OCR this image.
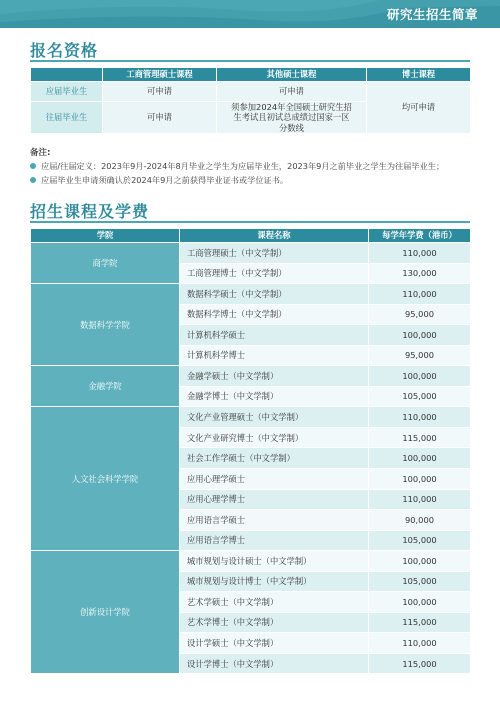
研究生招生简章
报名资格
	工商管理硕士课程	其他硕士课程	博士课程
应届毕业生	可申请	可申请	均可申请
往届毕业生	可申请	须参加2024年全国硕士研究生招生考试且初试总成绩过国家一区分数线	
备注:
应届/往届定义：2023年9月-2024年8月毕业之学生为应届毕业生，2023年9月之前毕业之学生为往届毕业生；
应届毕业生申请须确认於2024年9月之前获得毕业证书或学位证书。
招生课程及学费
学院	课程名称	每学年学费（港币）
商学院	工商管理硕士（中文学制）	110,000
	工商管理博士（中文学制）	130,000
数据科学学院	数据科学硕士（中文学制）	110,000
	数据科学博士（中文学制）	95,000
	计算机科学硕士	100,000
	计算机科学博士	95,000
金融学院	金融学硕士（中文学制）	100,000
	金融学博士（中文学制）	105,000
人文社会科学学院	文化产业管理硕士（中文学制）	110,000
	文化产业研究博士（中文学制）	115,000
	社会工作学硕士（中文学制）	100,000
	应用心理学硕士	100,000
	应用心理学博士	110,000
	应用语言学硕士	90,000
	应用语言学博士	105,000
创新设计学院	城市规划与设计硕士（中文学制）	100,000
	城市规划与设计博士（中文学制）	105,000
	艺术学硕士（中文学制）	100,000
	艺术学博士（中文学制）	115,000
	设计学硕士（中文学制）	110,000
	设计学博士（中文学制）	115,000
